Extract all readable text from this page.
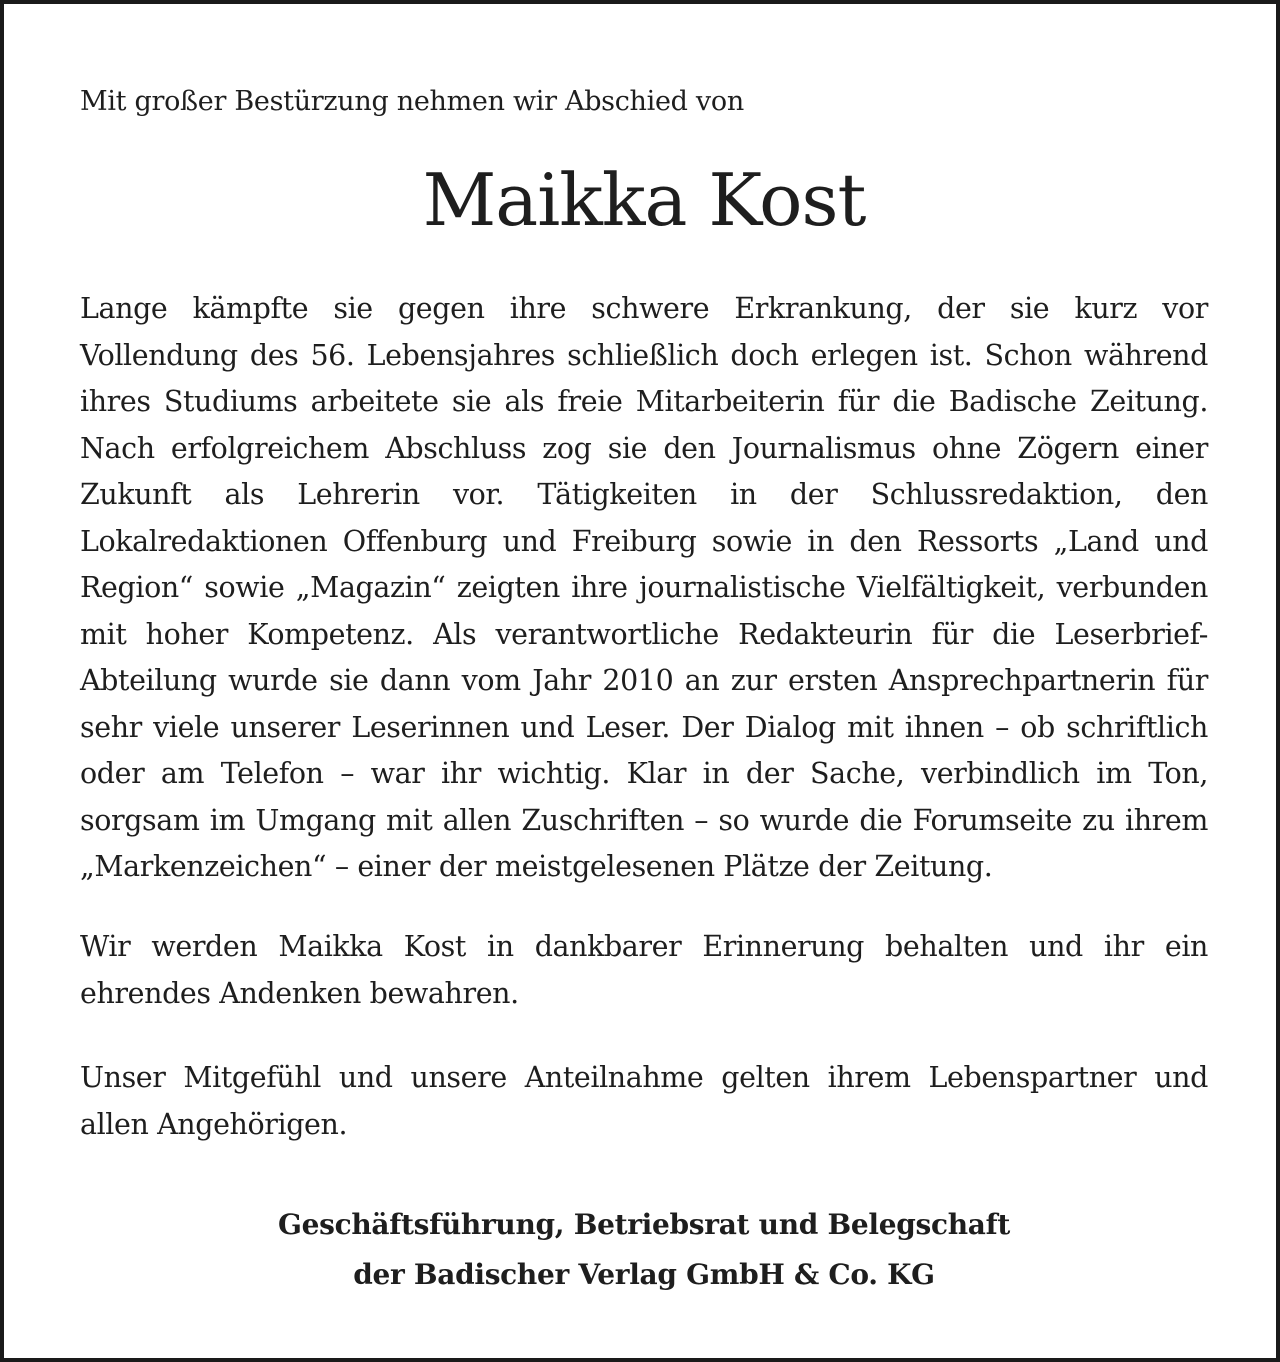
Mit großer Bestürzung nehmen wir Abschied von
Maikka Kost

Lange kämpfte sie gegen ihre schwere Erkrankung, der sie kurz vor Vollendung des 56. Lebensjahres schließlich doch erlegen ist. Schon während ihres Studiums arbeitete sie als freie Mitarbeiterin für die Badische Zeitung. Nach erfolgreichem Abschluss zog sie den Journalismus ohne Zögern einer Zukunft als Lehrerin vor. Tätigkeiten in der Schlussredaktion, den Lokalredaktionen Offenburg und Freiburg sowie in den Ressorts „Land und Region“ sowie „Magazin“ zeigten ihre journalistische Vielfältigkeit, verbunden mit hoher Kompetenz. Als verantwortliche Redakteurin für die Leserbrief-Abteilung wurde sie dann vom Jahr 2010 an zur ersten Ansprechpartnerin für sehr viele unserer Leserinnen und Leser. Der Dialog mit ihnen – ob schriftlich oder am Telefon – war ihr wichtig. Klar in der Sache, verbindlich im Ton, sorgsam im Umgang mit allen Zuschriften – so wurde die Forumseite zu ihrem „Markenzeichen“ – einer der meistgelesenen Plätze der Zeitung.

Wir werden Maikka Kost in dankbarer Erinnerung behalten und ihr ein ehrendes Andenken bewahren.

Unser Mitgefühl und unsere Anteilnahme gelten ihrem Lebenspartner und allen Angehörigen.

Geschäftsführung, Betriebsrat und Belegschaft
der Badischer Verlag GmbH & Co. KG
